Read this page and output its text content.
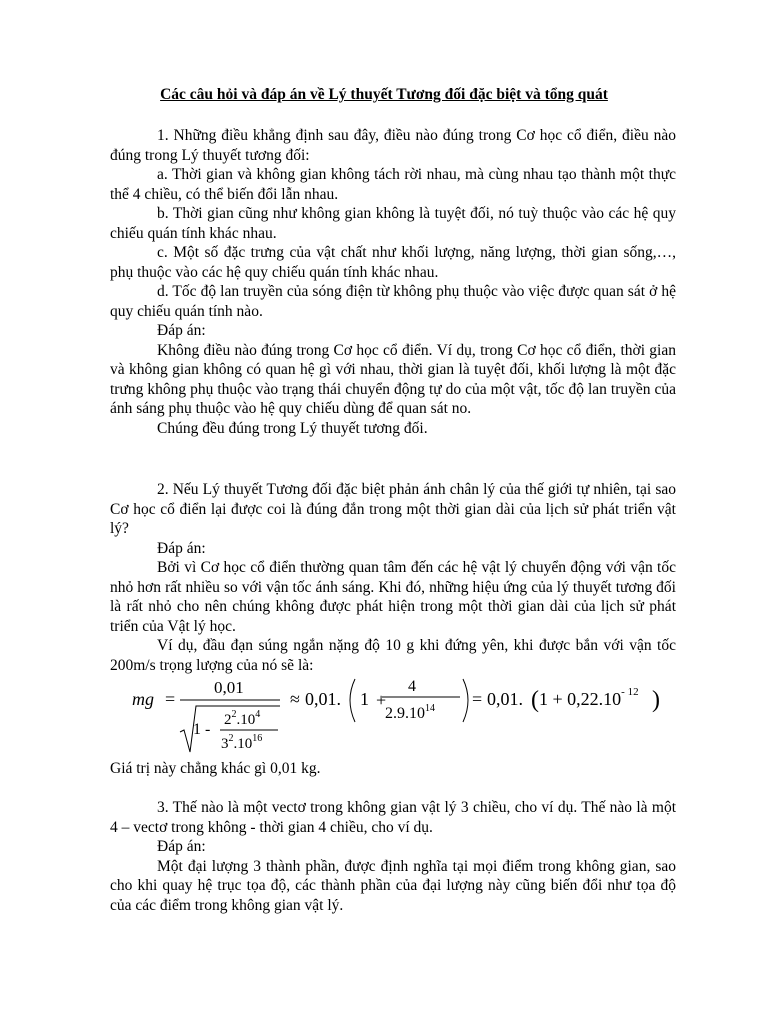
Các câu hỏi và đáp án về Lý thuyết Tương đối đặc biệt và tổng quát
1. Những điều khẳng định sau đây, điều nào đúng trong Cơ học cổ điển, điều nào đúng trong Lý thuyết tương đối:
a. Thời gian và không gian không tách rời nhau, mà cùng nhau tạo thành một thực thể 4 chiều, có thể biến đổi lẫn nhau.
b. Thời gian cũng như không gian không là tuyệt đối, nó tuỳ thuộc vào các hệ quy chiếu quán tính khác nhau.
c. Một số đặc trưng của vật chất như khối lượng, năng lượng, thời gian sống,…, phụ thuộc vào các hệ quy chiếu quán tính khác nhau.
d. Tốc độ lan truyền của sóng điện từ không phụ thuộc vào việc được quan sát ở hệ quy chiếu quán tính nào.
Đáp án:
Không điều nào đúng trong Cơ học cổ điển. Ví dụ, trong Cơ học cổ điển, thời gian và không gian không có quan hệ gì với nhau, thời gian là tuyệt đối, khối lượng là một đặc trưng không phụ thuộc vào trạng thái chuyển động tự do của một vật, tốc độ lan truyền của ánh sáng phụ thuộc vào hệ quy chiếu dùng để quan sát no.
Chúng đều đúng trong Lý thuyết tương đối.
2. Nếu Lý thuyết Tương đối đặc biệt phản ánh chân lý của thế giới tự nhiên, tại sao Cơ học cổ điển lại được coi là đúng đắn trong một thời gian dài của lịch sử phát triển vật lý?
Đáp án:
Bởi vì Cơ học cổ điển thường quan tâm đến các hệ vật lý chuyển động với vận tốc nhỏ hơn rất nhiều so với vận tốc ánh sáng. Khi đó, những hiệu ứng của lý thuyết tương đối là rất nhỏ cho nên chúng không được phát hiện trong một thời gian dài của lịch sử phát triển của Vật lý học.
Ví dụ, đầu đạn súng ngắn nặng độ 10 g khi đứng yên, khi được bắn với vận tốc 200m/s trọng lượng của nó sẽ là:
mg =
0,01
1 -
$2^2.10^4$
$3^2.10^{16}$
≈ 0,01. 1 +
4
$2.9.10^{14} = 0,01$. ( $1 + 0,22.10^{- 12}$ )
Giá trị này chẳng khác gì 0,01 kg.
3. Thế nào là một vectơ trong không gian vật lý 3 chiều, cho ví dụ. Thế nào là một 4 – vectơ trong không - thời gian 4 chiều, cho ví dụ.
Đáp án:
Một đại lượng 3 thành phần, được định nghĩa tại mọi điểm trong không gian, sao cho khi quay hệ trục tọa độ, các thành phần của đại lượng này cũng biến đổi như tọa độ của các điểm trong không gian vật lý.
